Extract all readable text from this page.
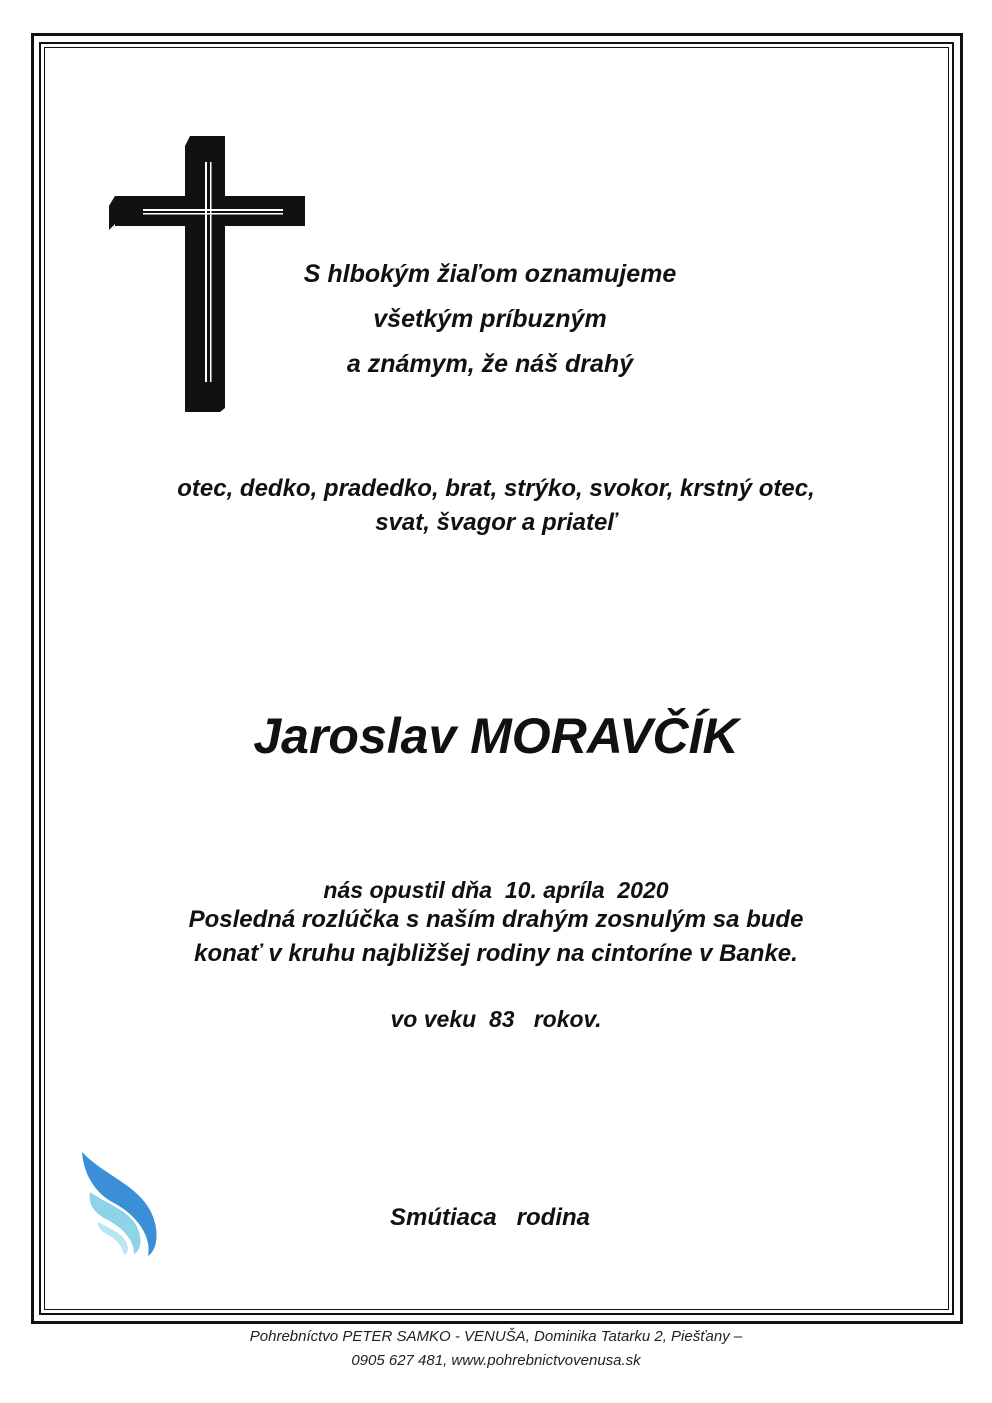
S hlbokým žiaľom oznamujeme
všetkým príbuzným
a známym, že náš drahý
otec, dedko, pradedko, brat, strýko, svokor, krstný otec,
svat, švagor a priateľ
Jaroslav MORAVČÍK

nás opustil dňa  10. apríla  2020

vo veku  83   rokov.

Posledná rozlúčka s naším drahým zosnulým sa bude
konať v kruhu najbližšej rodiny na cintoríne v Banke.
Smútiaca   rodina
Pohrebníctvo PETER SAMKO - VENUŠA, Dominika Tatarku 2, Piešťany –
0905 627 481, www.pohrebnictvovenusa.sk
